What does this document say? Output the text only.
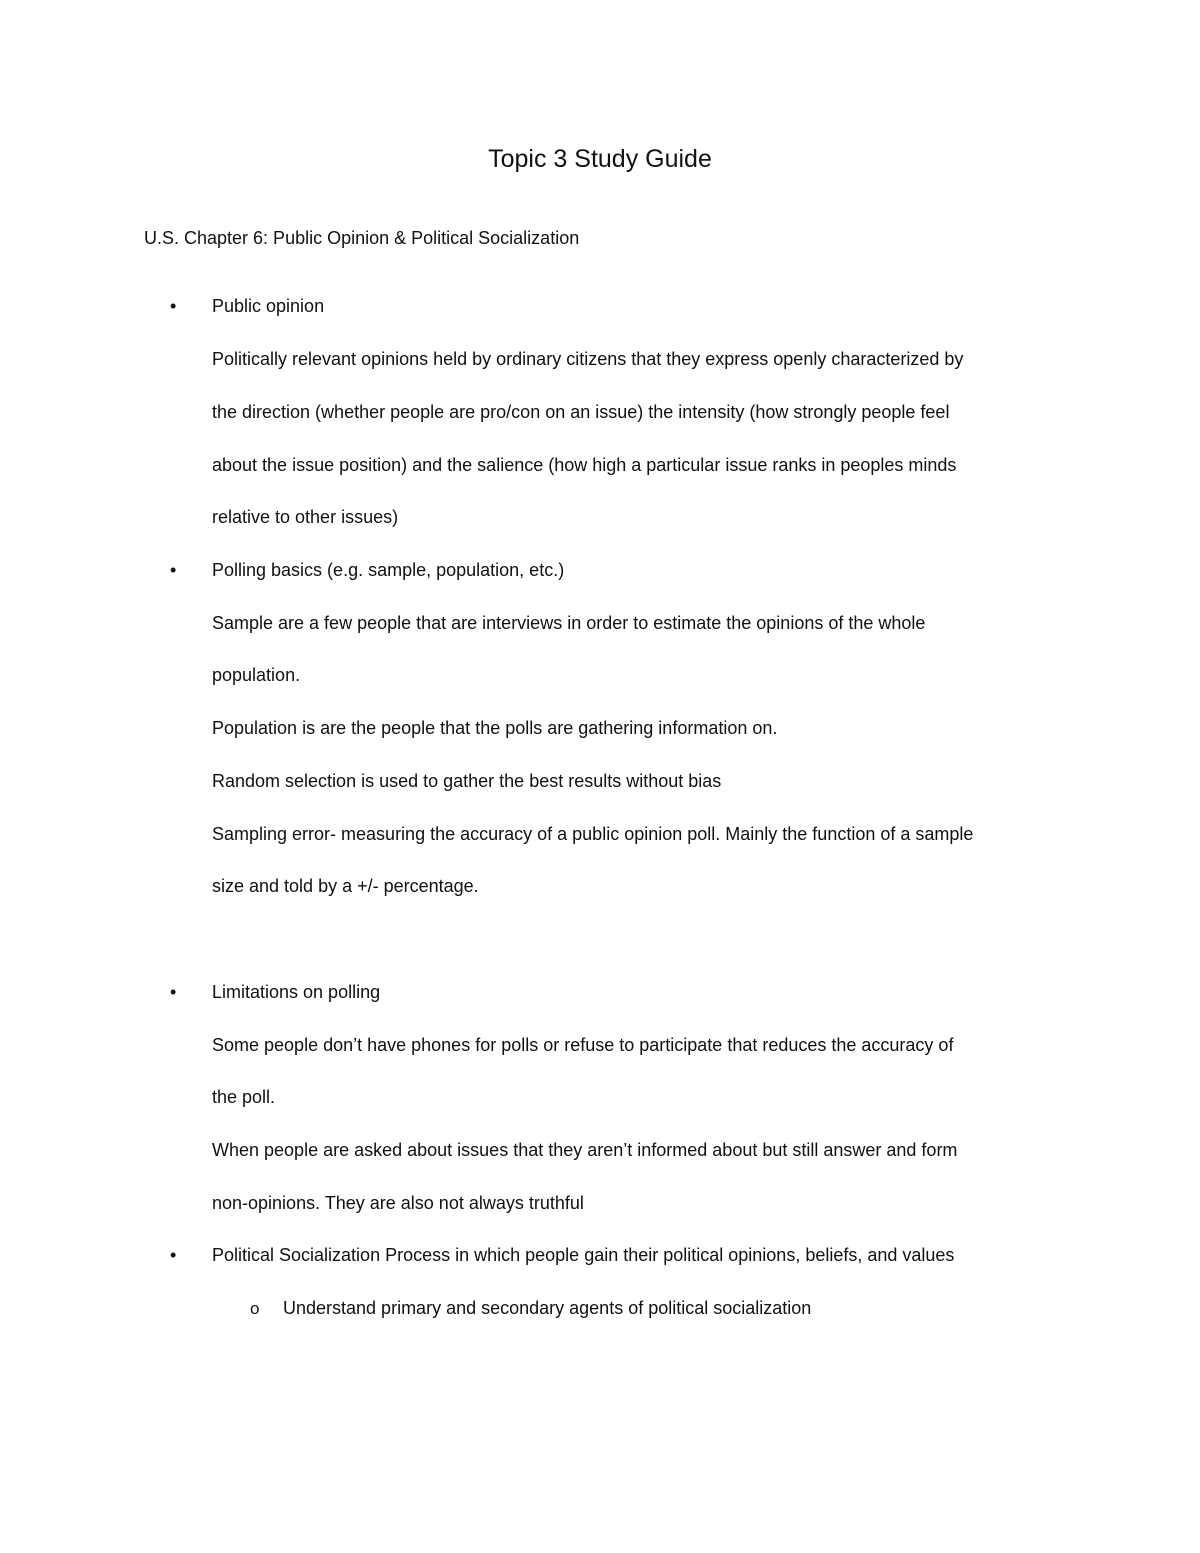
Topic 3 Study Guide
U.S. Chapter 6: Public Opinion & Political Socialization
• Public opinion
Politically relevant opinions held by ordinary citizens that they express openly characterized by
the direction (whether people are pro/con on an issue) the intensity (how strongly people feel
about the issue position) and the salience (how high a particular issue ranks in peoples minds
relative to other issues)
• Polling basics (e.g. sample, population, etc.)
Sample are a few people that are interviews in order to estimate the opinions of the whole
population.
Population is are the people that the polls are gathering information on.
Random selection is used to gather the best results without bias
Sampling error- measuring the accuracy of a public opinion poll. Mainly the function of a sample
size and told by a +/- percentage.
• Limitations on polling
Some people don’t have phones for polls or refuse to participate that reduces the accuracy of
the poll.
When people are asked about issues that they aren’t informed about but still answer and form
non-opinions. They are also not always truthful
• Political Socialization Process in which people gain their political opinions, beliefs, and values
o Understand primary and secondary agents of political socialization
